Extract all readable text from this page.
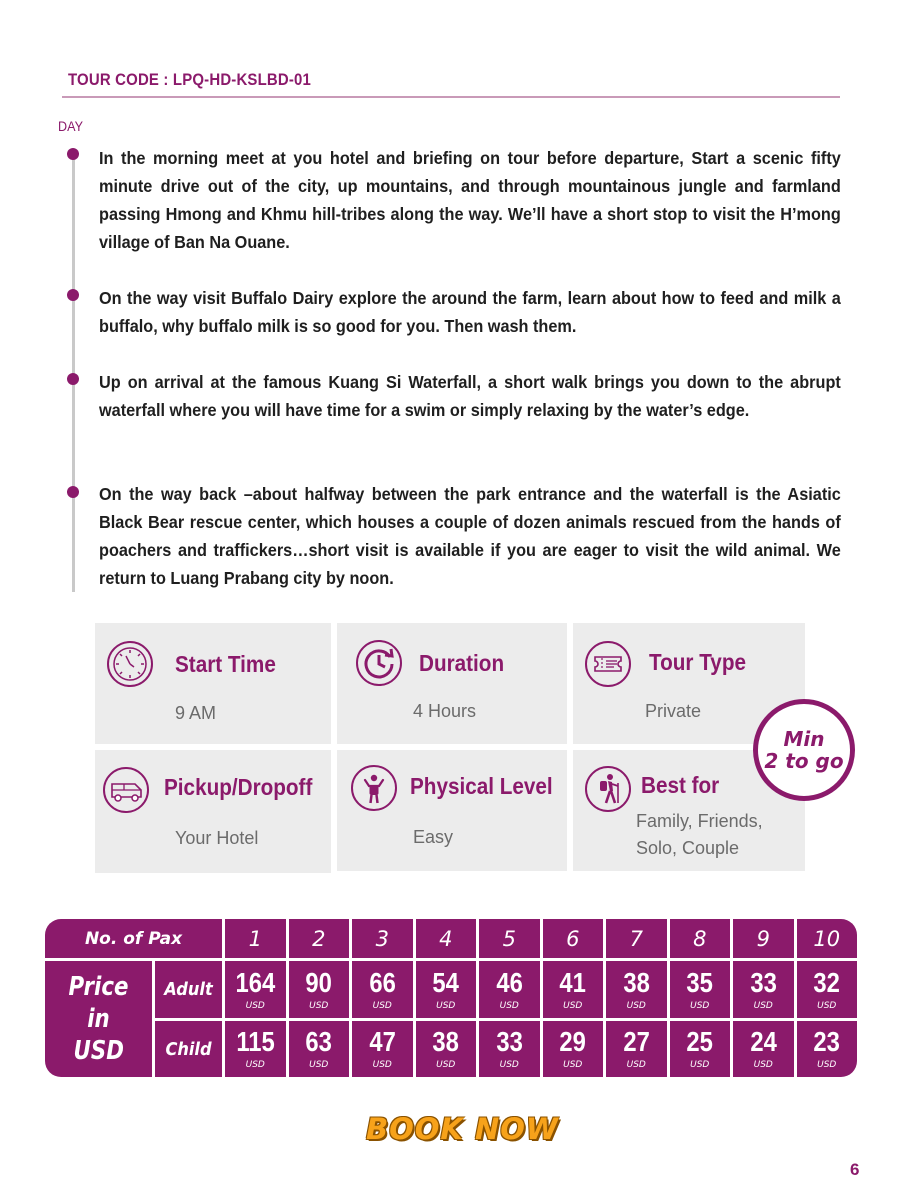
TOUR CODE : LPQ-HD-KSLBD-01
DAY
In the morning meet at you hotel and briefing on tour before departure, Start a scenic fifty minute drive out of the city, up mountains, and through mountainous jungle and farmland passing Hmong and Khmu hill-tribes along the way. We’ll have a short stop to visit the H’mong village of Ban Na Ouane.
On the way visit Buffalo Dairy explore the around the farm, learn about how to feed and milk a buffalo, why buffalo milk is so good for you. Then wash them.
Up on arrival at the famous Kuang Si Waterfall, a short walk brings you down to the abrupt waterfall where you will have time for a swim or simply relaxing by the water’s edge.
On the way back –about halfway between the park entrance and the waterfall is the Asiatic Black Bear rescue center, which houses a couple of dozen animals rescued from the hands of poachers and traffickers…short visit is available if you are eager to visit the wild animal. We return to Luang Prabang city by noon.
Start Time
9 AM
Duration
4 Hours
Tour Type
Private
Pickup/Dropoff
Your Hotel
Physical Level
Easy
Best for
Family, Friends,
Solo, Couple
Min
2 to go
No. of Pax
Price in
USD
Adult
Child
1
164
USD
115
USD
2
90
USD
63
USD
3
66
USD
47
USD
4
54
USD
38
USD
5
46
USD
33
USD
6
41
USD
29
USD
7
38
USD
27
USD
8
35
USD
25
USD
9
33
USD
24
USD
10
32
USD
23
USD
BOOK NOW
6
